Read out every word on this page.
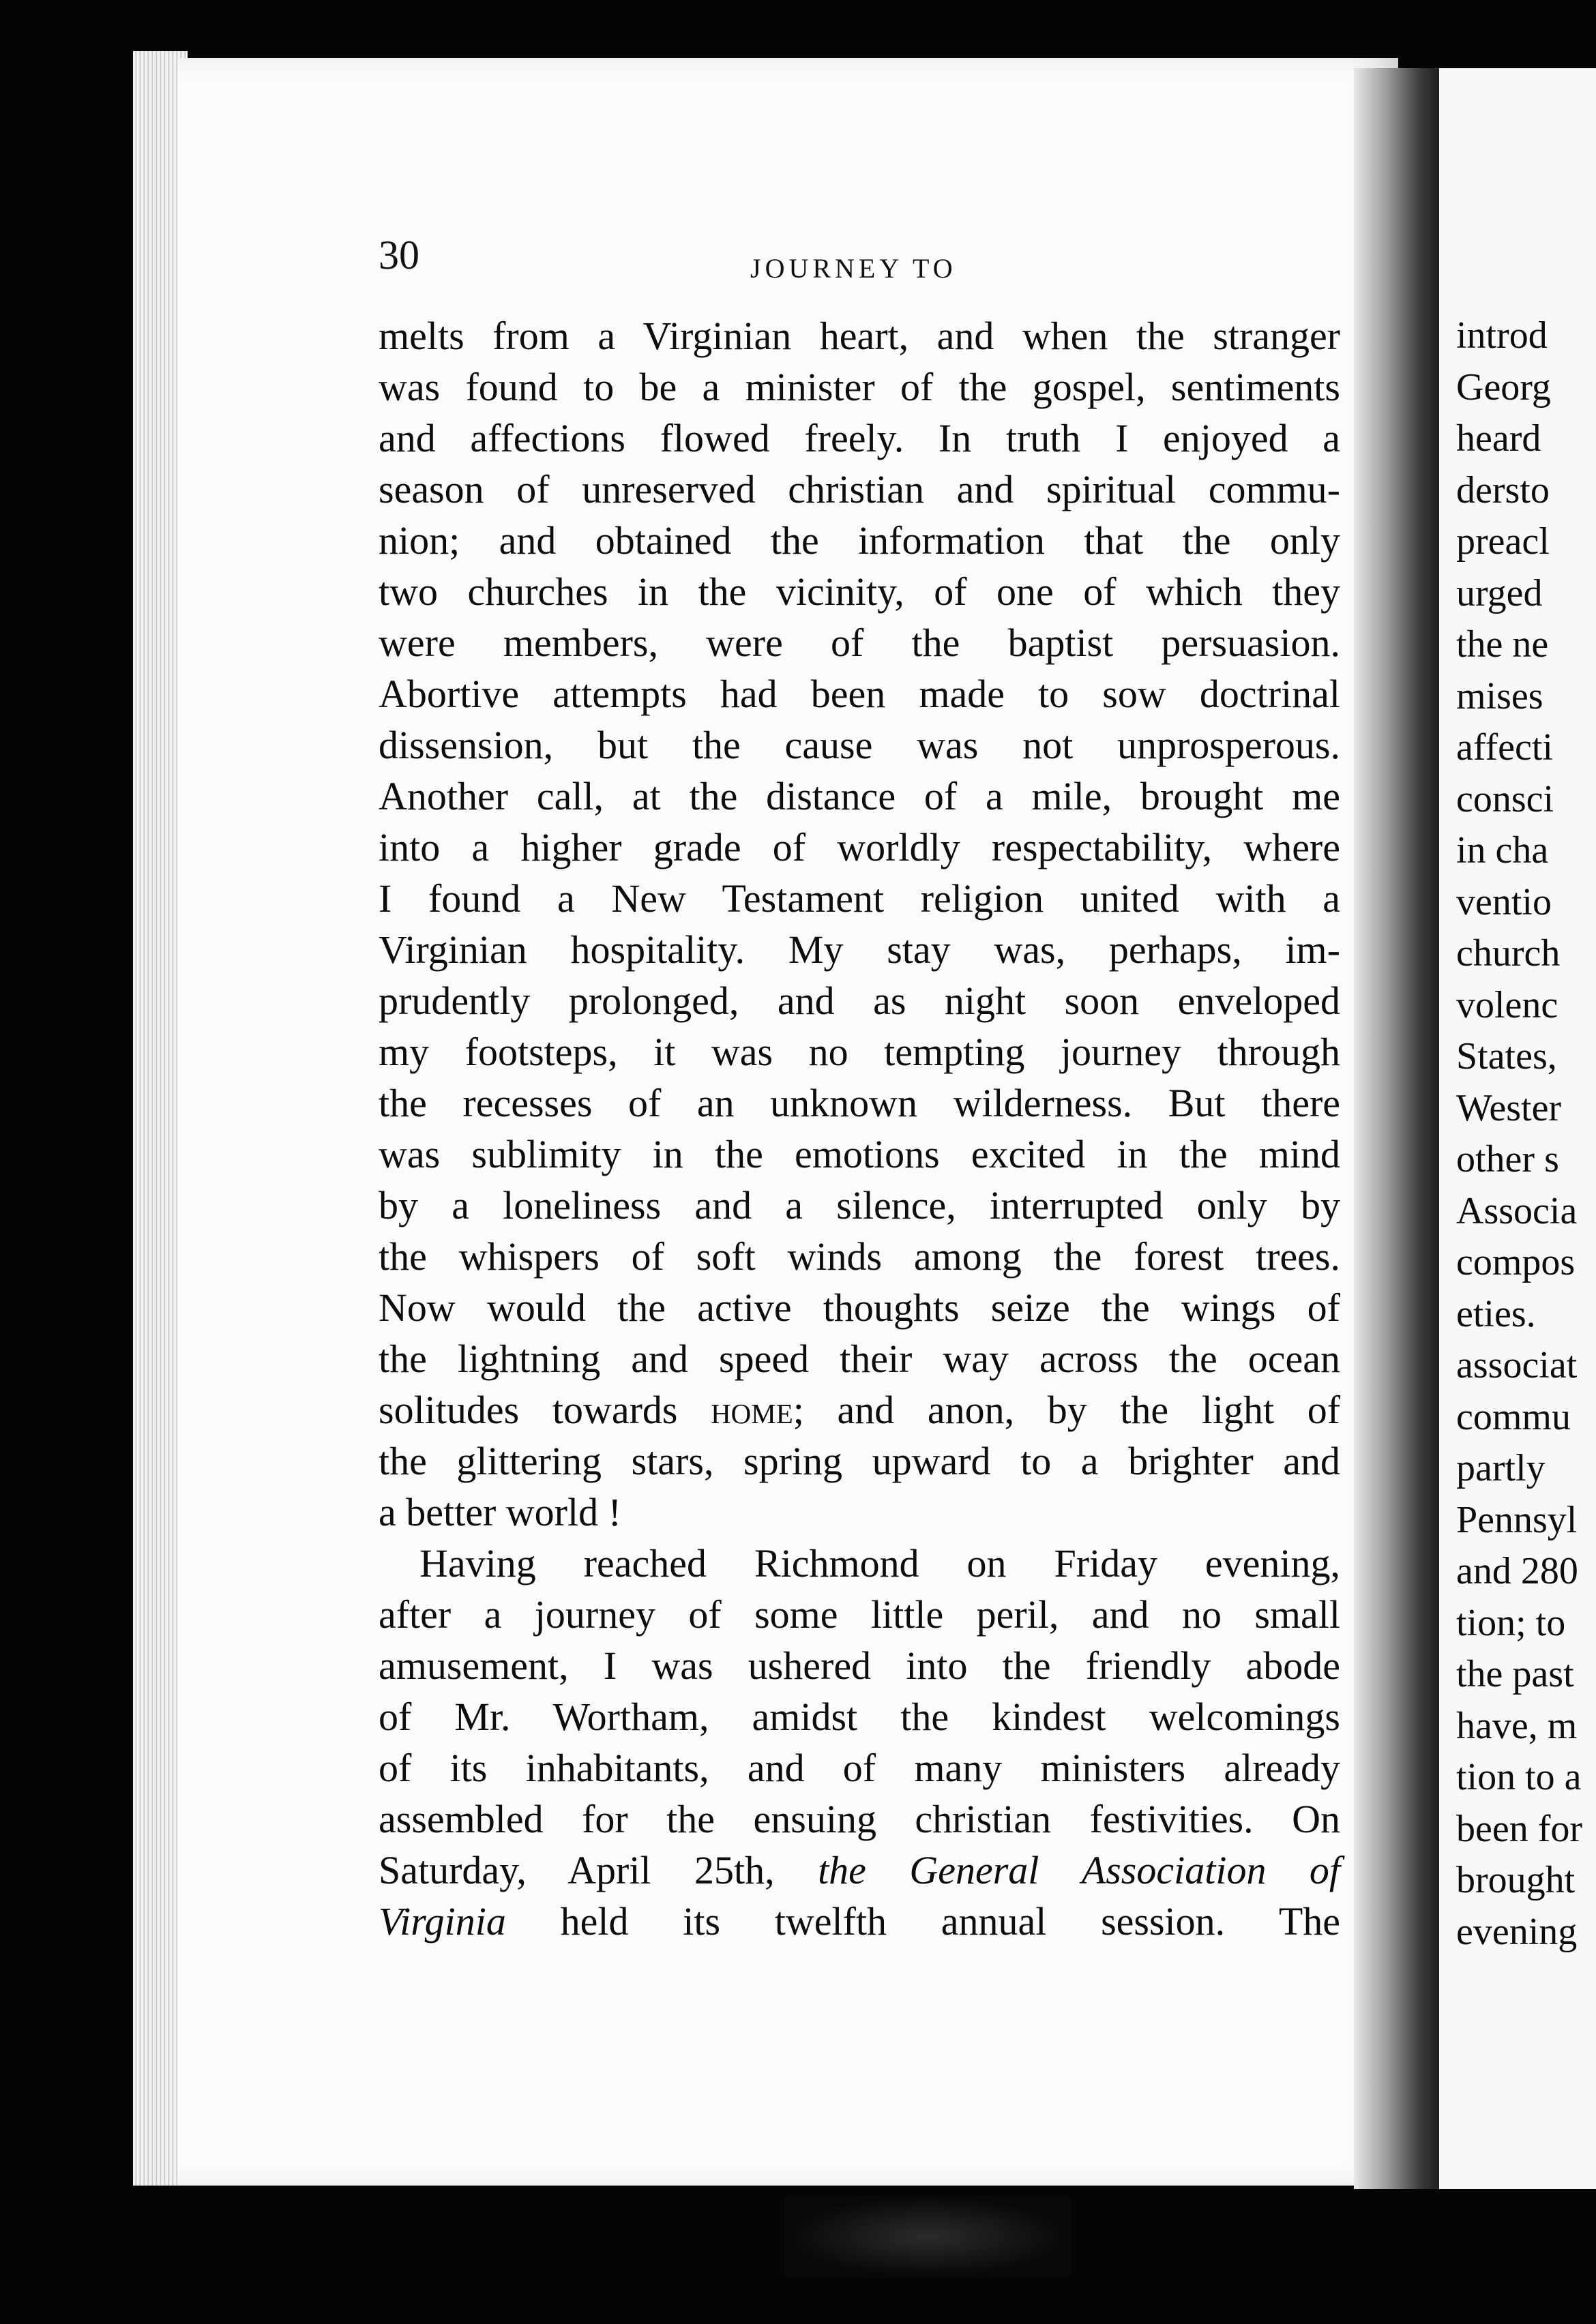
introd
Georg
heard
dersto
preacl
urged
the ne
mises
affecti
consci
in cha
ventio
church
volenc
States,
Wester
other s
Associa
compos
eties.
associat
commu
partly
Pennsyl
and 280
tion; to
the past
have, m
tion to a
been for
brought
evening
30	JOURNEY TO
melts from a Virginian heart, and when the stranger
was found to be a minister of the gospel, sentiments
and affections flowed freely. In truth I enjoyed a
season of unreserved christian and spiritual commu-
nion; and obtained the information that the only
two churches in the vicinity, of one of which they
were members, were of the baptist persuasion.
Abortive attempts had been made to sow doctrinal
dissension, but the cause was not unprosperous.
Another call, at the distance of a mile, brought me
into a higher grade of worldly respectability, where
I found a New Testament religion united with a
Virginian hospitality. My stay was, perhaps, im-
prudently prolonged, and as night soon enveloped
my footsteps, it was no tempting journey through
the recesses of an unknown wilderness. But there
was sublimity in the emotions excited in the mind
by a loneliness and a silence, interrupted only by
the whispers of soft winds among the forest trees.
Now would the active thoughts seize the wings of
the lightning and speed their way across the ocean
solitudes towards home; and anon, by the light of
the glittering stars, spring upward to a brighter and
a better world !
Having reached Richmond on Friday evening,
after a journey of some little peril, and no small
amusement, I was ushered into the friendly abode
of Mr. Wortham, amidst the kindest welcomings
of its inhabitants, and of many ministers already
assembled for the ensuing christian festivities. On
Saturday, April 25th, the General Association of
Virginia held its twelfth annual session. The
